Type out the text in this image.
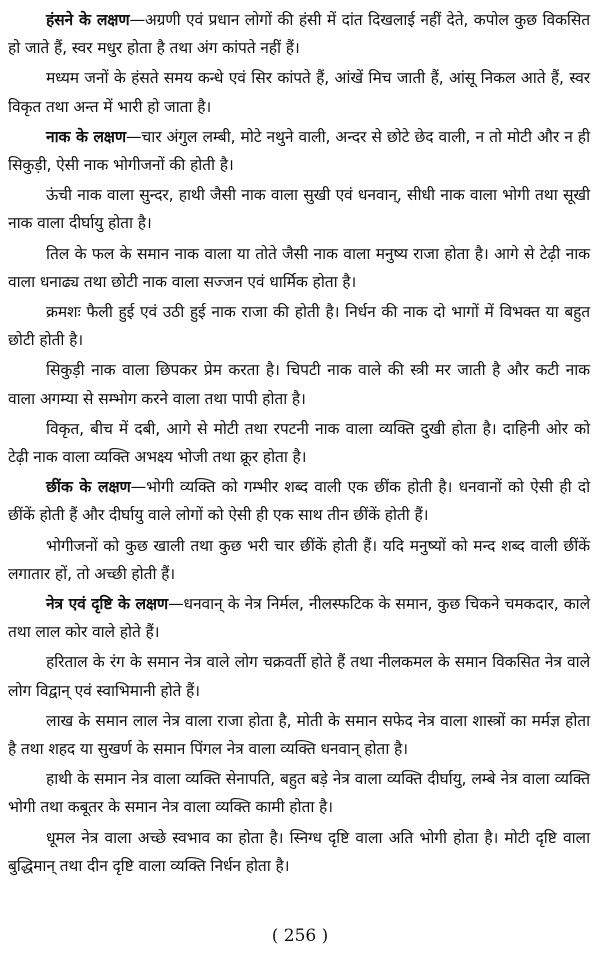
हंसने के लक्षण—अग्रणी एवं प्रधान लोगों की हंसी में दांत दिखलाई नहीं देते, कपोल कुछ विकसित हो जाते हैं, स्वर मधुर होता है तथा अंग कांपते नहीं हैं।

मध्यम जनों के हंसते समय कन्धे एवं सिर कांपते हैं, आंखें मिच जाती हैं, आंसू निकल आते हैं, स्वर विकृत तथा अन्त में भारी हो जाता है।

नाक के लक्षण—चार अंगुल लम्बी, मोटे नथुने वाली, अन्दर से छोटे छेद वाली, न तो मोटी और न ही सिकुड़ी, ऐसी नाक भोगीजनों की होती है।

ऊंची नाक वाला सुन्दर, हाथी जैसी नाक वाला सुखी एवं धनवान्, सीधी नाक वाला भोगी तथा सूखी नाक वाला दीर्घायु होता है।

तिल के फल के समान नाक वाला या तोते जैसी नाक वाला मनुष्य राजा होता है। आगे से टेढ़ी नाक वाला धनाढ्य तथा छोटी नाक वाला सज्जन एवं धार्मिक होता है।

क्रमशः फैली हुई एवं उठी हुई नाक राजा की होती है। निर्धन की नाक दो भागों में विभक्त या बहुत छोटी होती है।

सिकुड़ी नाक वाला छिपकर प्रेम करता है। चिपटी नाक वाले की स्त्री मर जाती है और कटी नाक वाला अगम्या से सम्भोग करने वाला तथा पापी होता है।

विकृत, बीच में दबी, आगे से मोटी तथा रपटनी नाक वाला व्यक्ति दुखी होता है। दाहिनी ओर को टेढ़ी नाक वाला व्यक्ति अभक्ष्य भोजी तथा क्रूर होता है।

छींक के लक्षण—भोगी व्यक्ति को गम्भीर शब्द वाली एक छींक होती है। धनवानों को ऐसी ही दो छींकें होती हैं और दीर्घायु वाले लोगों को ऐसी ही एक साथ तीन छींकें होती हैं।

भोगीजनों को कुछ खाली तथा कुछ भरी चार छींकें होती हैं। यदि मनुष्यों को मन्द शब्द वाली छींकें लगातार हों, तो अच्छी होती हैं।

नेत्र एवं दृष्टि के लक्षण—धनवान् के नेत्र निर्मल, नीलस्फटिक के समान, कुछ चिकने चमकदार, काले तथा लाल कोर वाले होते हैं।

हरिताल के रंग के समान नेत्र वाले लोग चक्रवर्ती होते हैं तथा नीलकमल के समान विकसित नेत्र वाले लोग विद्वान् एवं स्वाभिमानी होते हैं।

लाख के समान लाल नेत्र वाला राजा होता है, मोती के समान सफेद नेत्र वाला शास्त्रों का मर्मज्ञ होता है तथा शहद या सुखर्ण के समान पिंगल नेत्र वाला व्यक्ति धनवान् होता है।

हाथी के समान नेत्र वाला व्यक्ति सेनापति, बहुत बड़े नेत्र वाला व्यक्ति दीर्घायु, लम्बे नेत्र वाला व्यक्ति भोगी तथा कबूतर के समान नेत्र वाला व्यक्ति कामी होता है।

धूमल नेत्र वाला अच्छे स्वभाव का होता है। स्निग्ध दृष्टि वाला अति भोगी होता है। मोटी दृष्टि वाला बुद्धिमान् तथा दीन दृष्टि वाला व्यक्ति निर्धन होता है।

( 256 )
